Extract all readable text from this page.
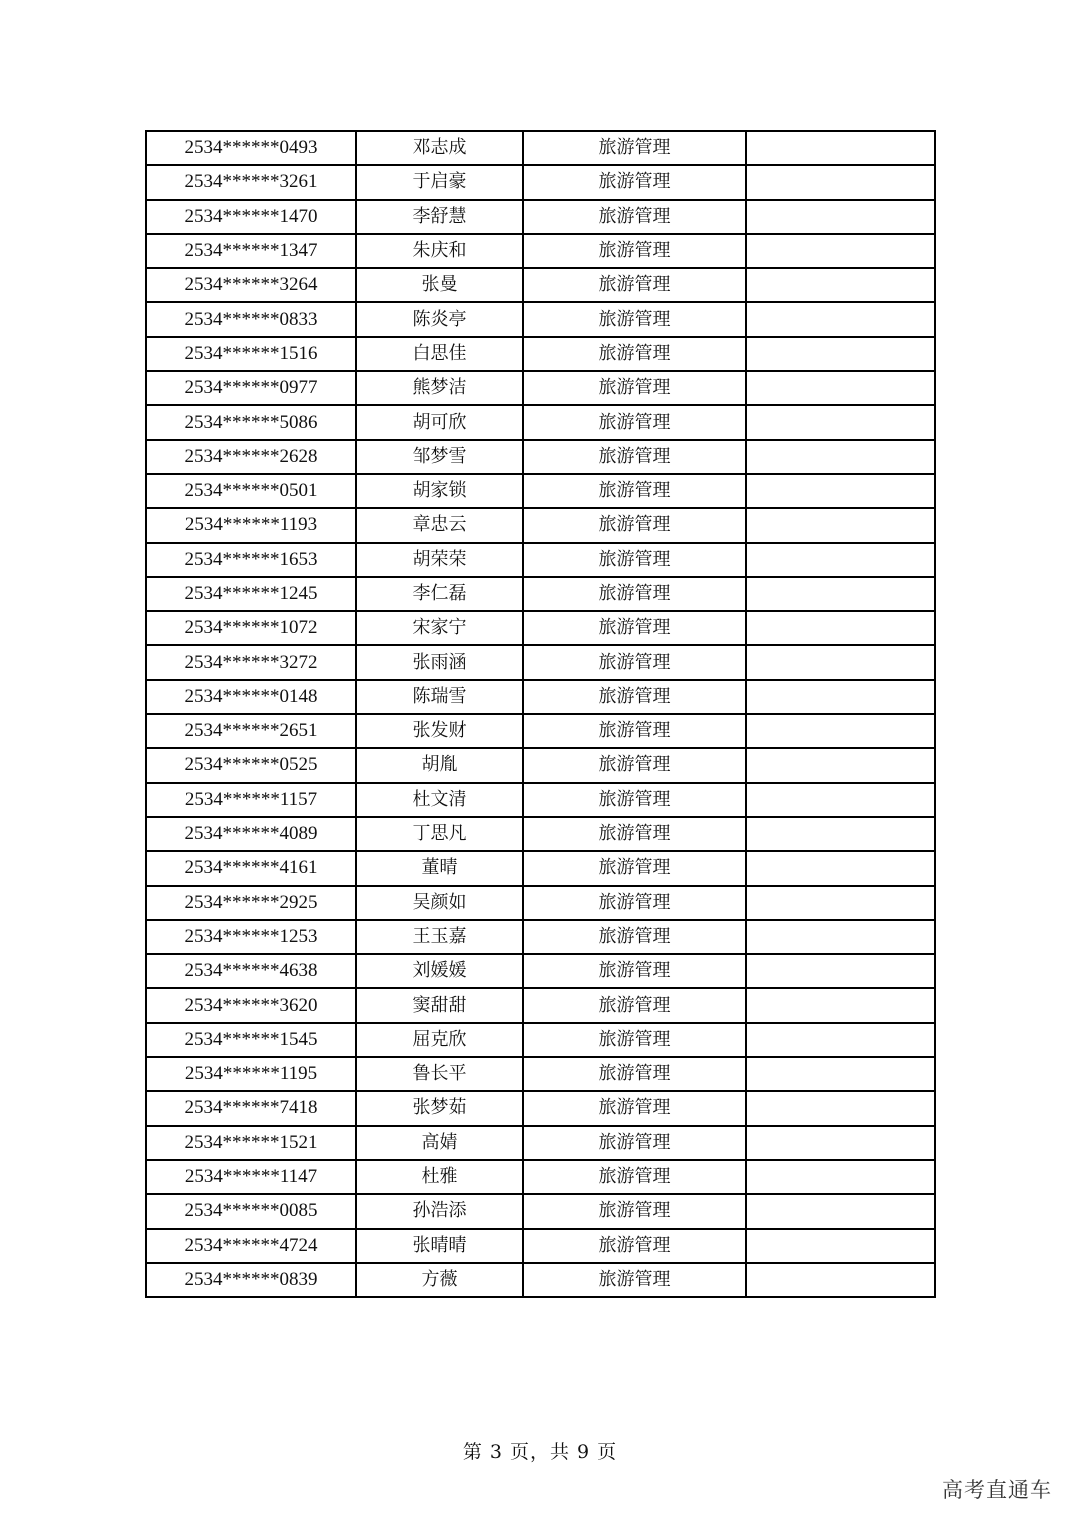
2534******0493	邓志成	旅游管理	
2534******3261	于启豪	旅游管理	
2534******1470	李舒慧	旅游管理	
2534******1347	朱庆和	旅游管理	
2534******3264	张曼	旅游管理	
2534******0833	陈炎亭	旅游管理	
2534******1516	白思佳	旅游管理	
2534******0977	熊梦洁	旅游管理	
2534******5086	胡可欣	旅游管理	
2534******2628	邹梦雪	旅游管理	
2534******0501	胡家锁	旅游管理	
2534******1193	章忠云	旅游管理	
2534******1653	胡荣荣	旅游管理	
2534******1245	李仁磊	旅游管理	
2534******1072	宋家宁	旅游管理	
2534******3272	张雨涵	旅游管理	
2534******0148	陈瑞雪	旅游管理	
2534******2651	张发财	旅游管理	
2534******0525	胡胤	旅游管理	
2534******1157	杜文清	旅游管理	
2534******4089	丁思凡	旅游管理	
2534******4161	董晴	旅游管理	
2534******2925	吴颜如	旅游管理	
2534******1253	王玉嘉	旅游管理	
2534******4638	刘媛媛	旅游管理	
2534******3620	窦甜甜	旅游管理	
2534******1545	屈克欣	旅游管理	
2534******1195	鲁长平	旅游管理	
2534******7418	张梦茹	旅游管理	
2534******1521	高婧	旅游管理	
2534******1147	杜雅	旅游管理	
2534******0085	孙浩添	旅游管理	
2534******4724	张晴晴	旅游管理	
2534******0839	方薇	旅游管理	
第 3 页，共 9 页
高考直通车
